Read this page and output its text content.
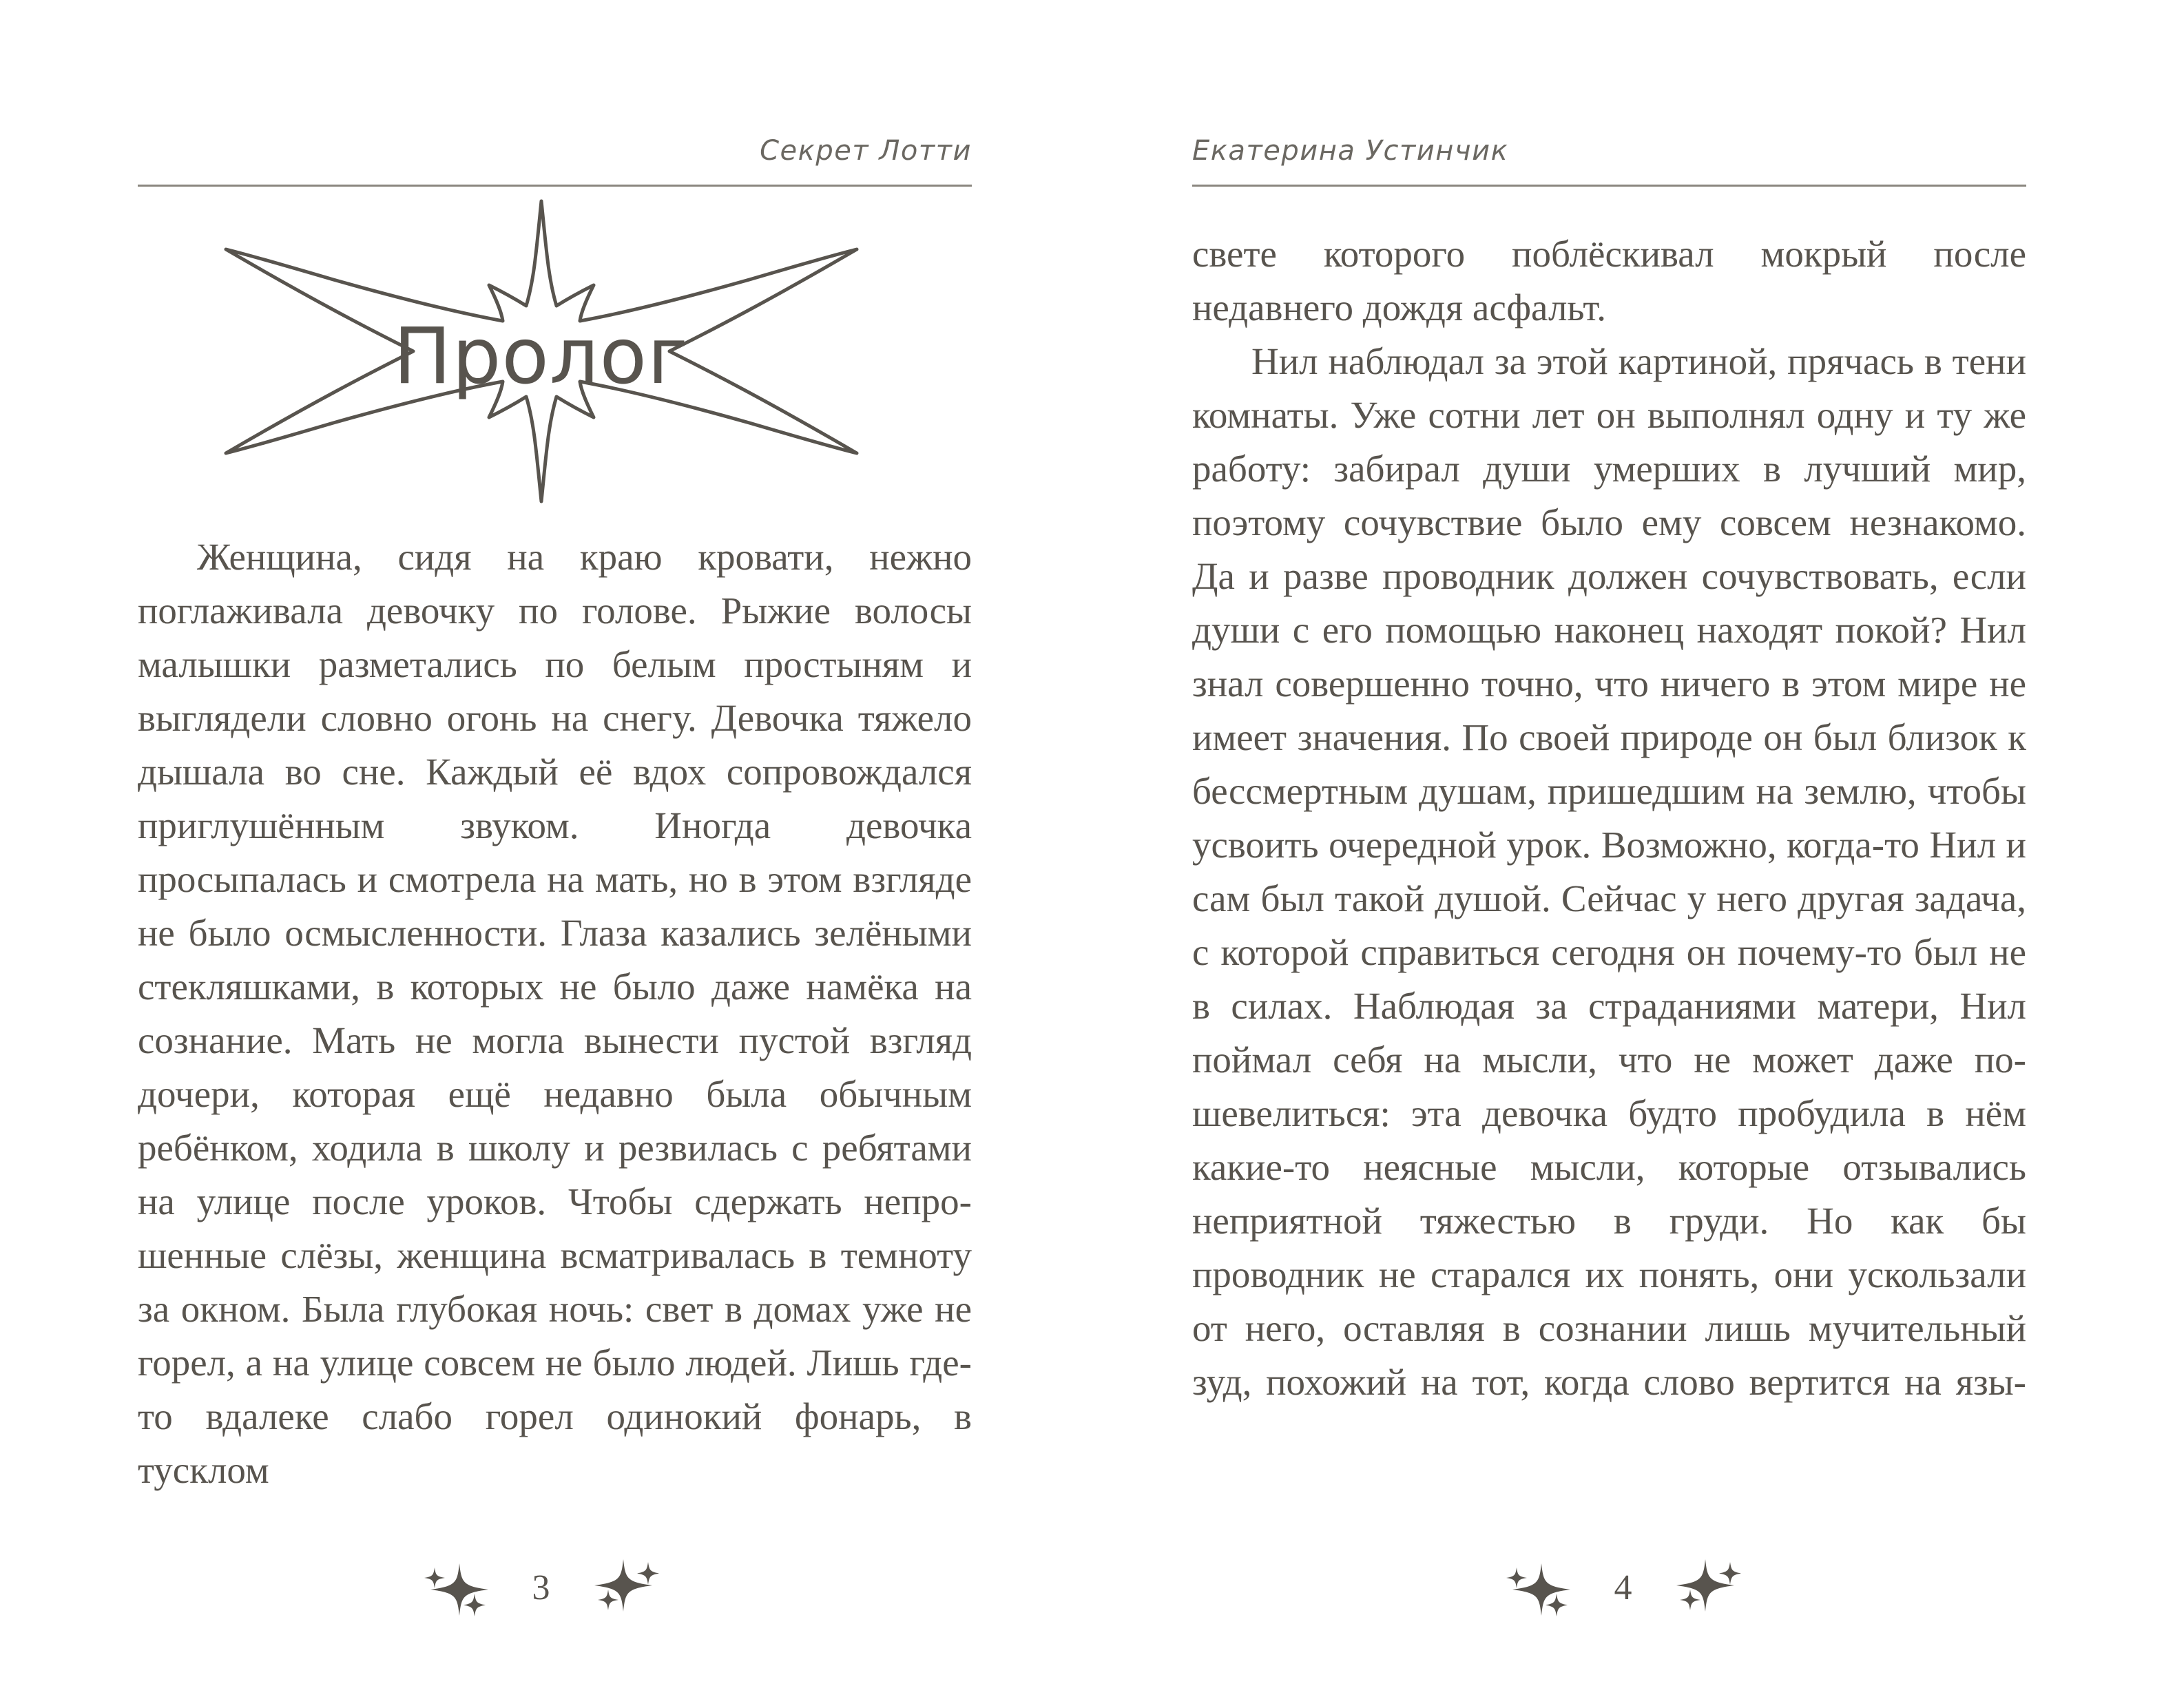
Секрет Лотти
Пролог

Женщина, сидя на краю кровати, нежно поглаживала девочку по голове. Рыжие волосы малышки разметались по белым простыням и выглядели словно огонь на снегу. Девочка тяжело дышала во сне. Каждый её вдох сопровождался приглушённым звуком. Иногда девочка просыпалась и смотрела на мать, но в этом взгляде не было осмысленности. Глаза казались зелёными стекляшками, в которых не было даже намёка на сознание. Мать не могла вынести пустой взгляд дочери, которая ещё недавно была обычным ребёнком, ходила в школу и резвилась с ребятами на улице после уроков. Чтобы сдержать непрошенные слёзы, женщина всматривалась в темноту за окном. Была глубокая ночь: свет в домах уже не горел, а на улице совсем не было людей. Лишь где-то вдалеке слабо горел одинокий фонарь, в тусклом

3
Екатерина Устинчик

свете которого поблёскивал мокрый после недавнего дождя асфальт.

Нил наблюдал за этой картиной, прячась в тени комнаты. Уже сотни лет он выполнял одну и ту же работу: забирал души умерших в лучший мир, поэтому сочувствие было ему совсем незнакомо. Да и разве проводник должен сочувствовать, если души с его помощью наконец находят покой? Нил знал совершенно точно, что ничего в этом мире не имеет значения. По своей природе он был близок к бессмертным душам, пришедшим на землю, чтобы усвоить очередной урок. Возможно, когда-то Нил и сам был такой душой. Сейчас у него другая задача, с которой справиться сегодня он почему-то был не в силах. Наблюдая за страданиями матери, Нил поймал себя на мысли, что не может даже пошевелиться: эта девочка будто пробудила в нём какие-то неясные мысли, которые отзывались неприятной тяжестью в груди. Но как бы проводник не старался их понять, они ускользали от него, оставляя в сознании лишь мучительный зуд, похожий на тот, когда слово вертится на язы-

4
